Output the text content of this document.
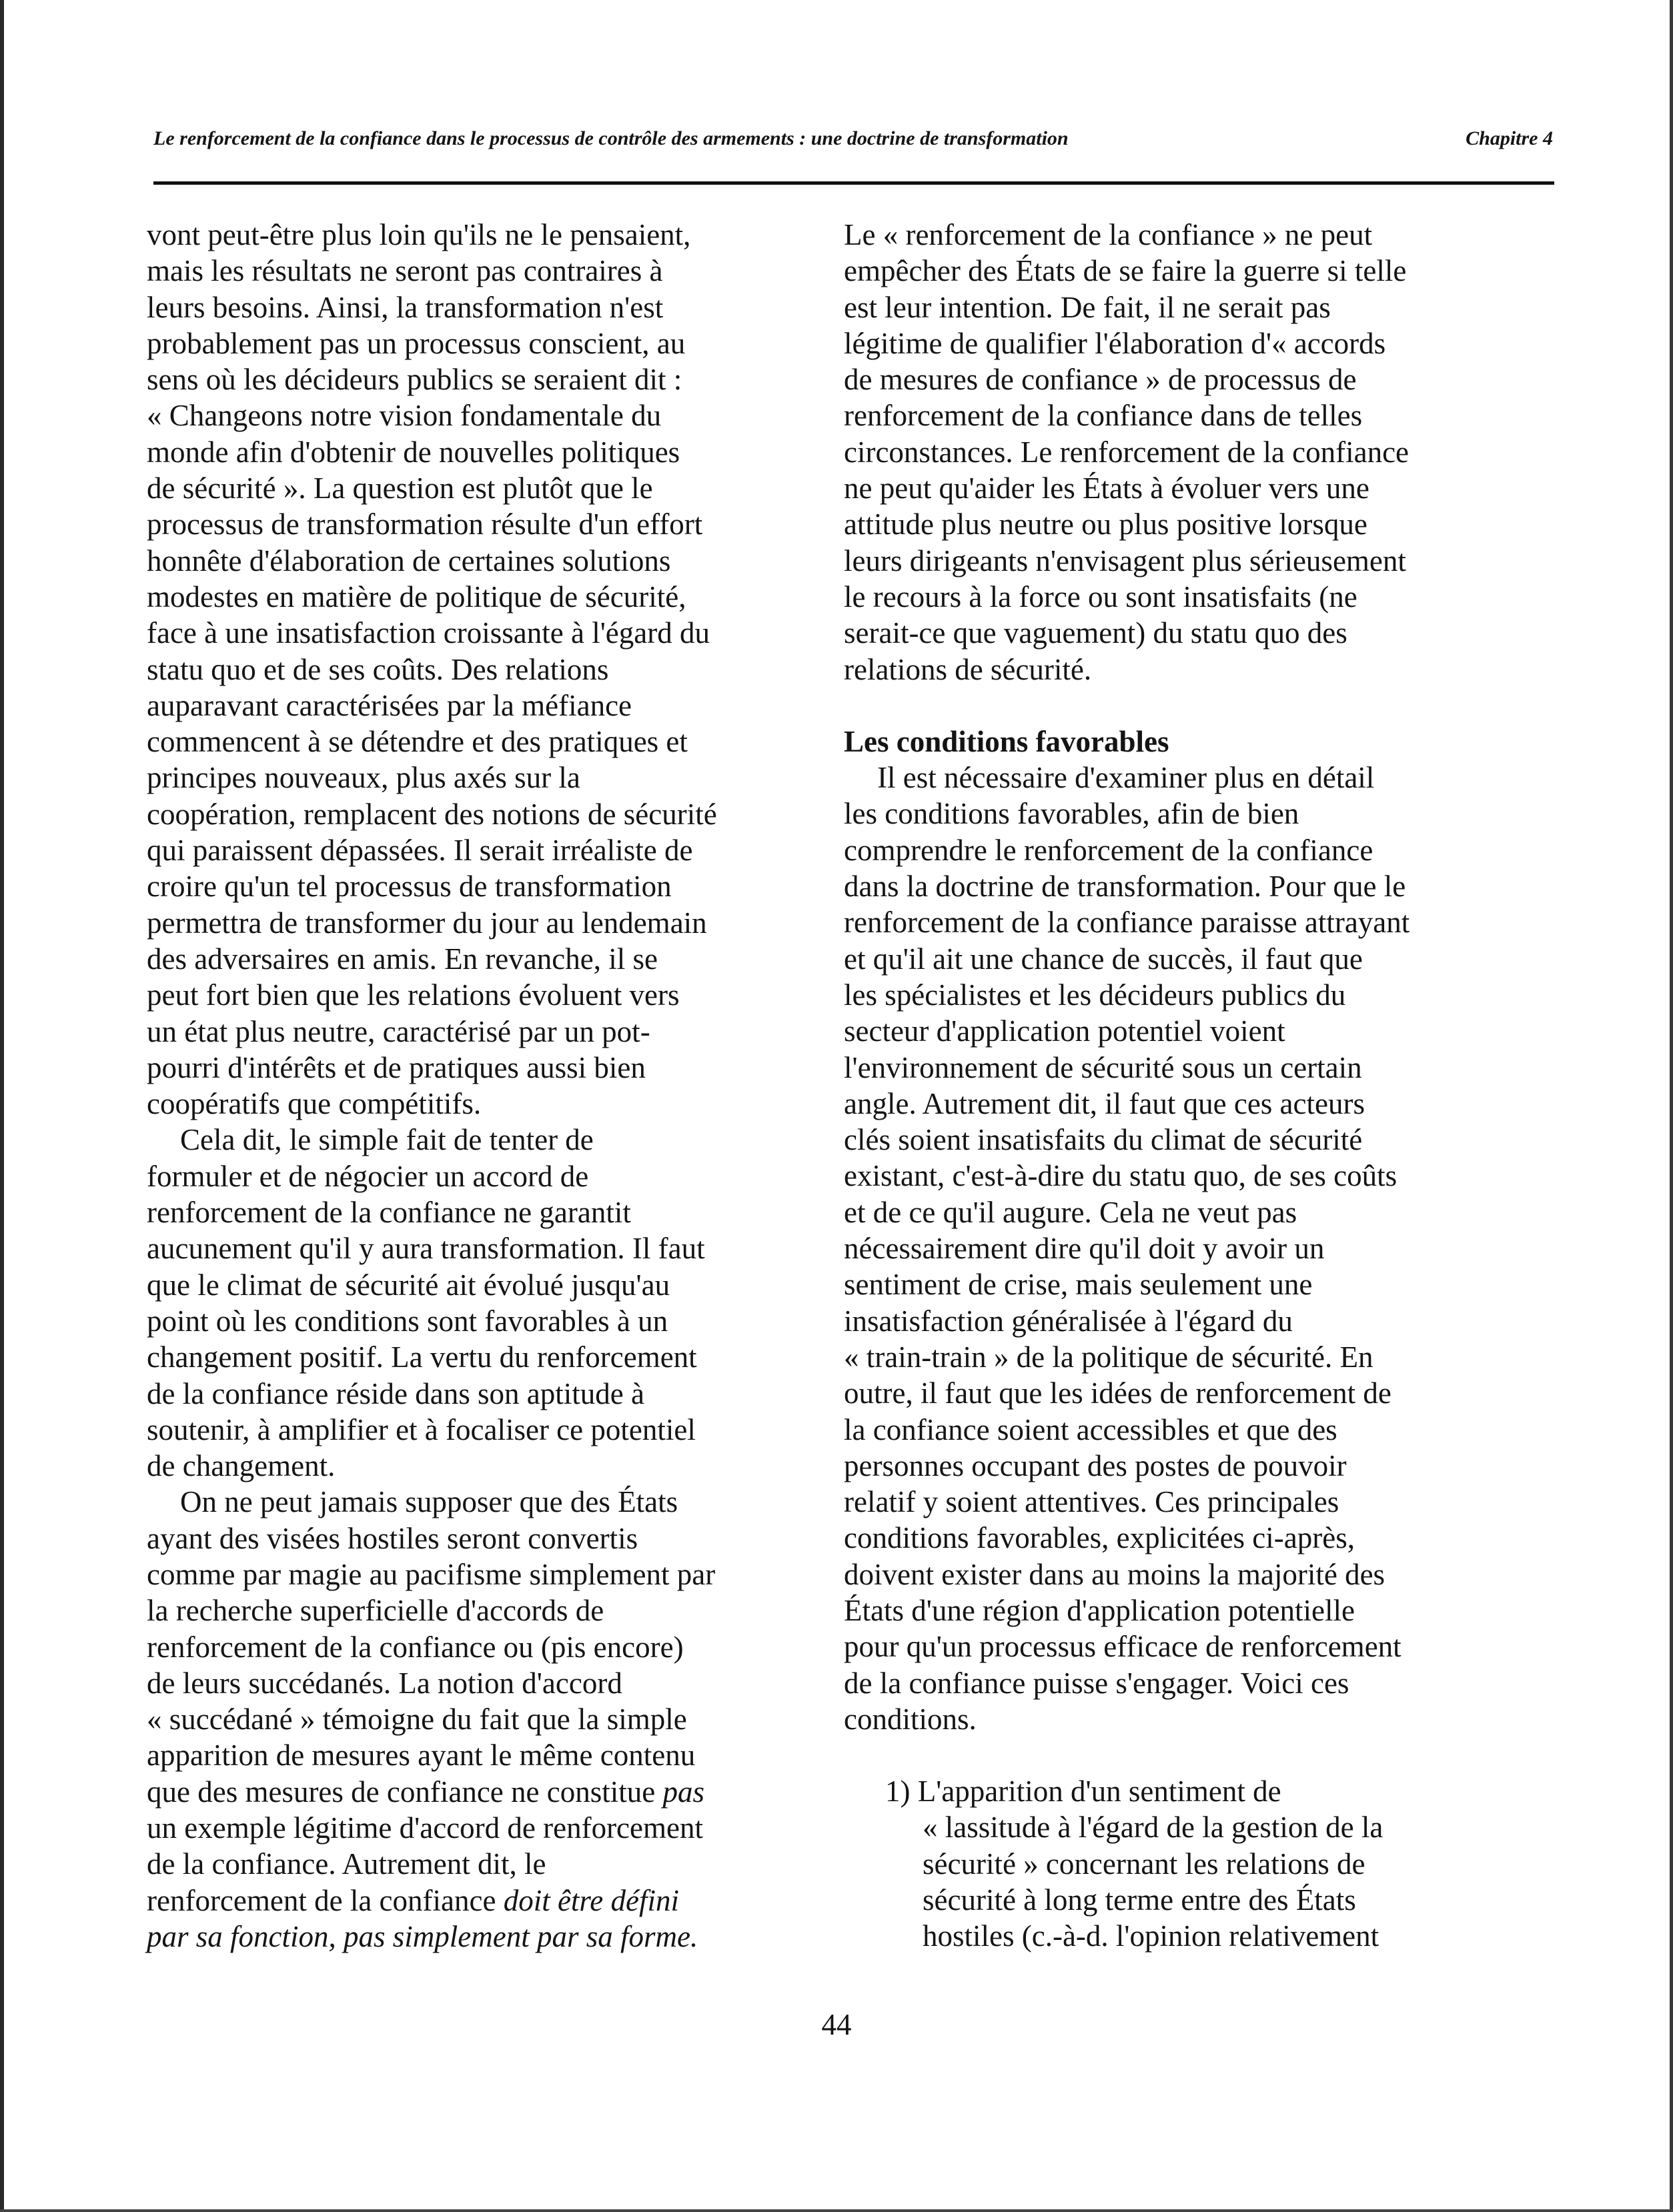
Le renforcement de la confiance dans le processus de contrôle des armements : une doctrine de transformation	Chapitre 4
vont peut-être plus loin qu'ils ne le pensaient,
mais les résultats ne seront pas contraires à
leurs besoins. Ainsi, la transformation n'est
probablement pas un processus conscient, au
sens où les décideurs publics se seraient dit :
« Changeons notre vision fondamentale du
monde afin d'obtenir de nouvelles politiques
de sécurité ». La question est plutôt que le
processus de transformation résulte d'un effort
honnête d'élaboration de certaines solutions
modestes en matière de politique de sécurité,
face à une insatisfaction croissante à l'égard du
statu quo et de ses coûts. Des relations
auparavant caractérisées par la méfiance
commencent à se détendre et des pratiques et
principes nouveaux, plus axés sur la
coopération, remplacent des notions de sécurité
qui paraissent dépassées. Il serait irréaliste de
croire qu'un tel processus de transformation
permettra de transformer du jour au lendemain
des adversaires en amis. En revanche, il se
peut fort bien que les relations évoluent vers
un état plus neutre, caractérisé par un pot-
pourri d'intérêts et de pratiques aussi bien
coopératifs que compétitifs.
Cela dit, le simple fait de tenter de
formuler et de négocier un accord de
renforcement de la confiance ne garantit
aucunement qu'il y aura transformation. Il faut
que le climat de sécurité ait évolué jusqu'au
point où les conditions sont favorables à un
changement positif. La vertu du renforcement
de la confiance réside dans son aptitude à
soutenir, à amplifier et à focaliser ce potentiel
de changement.
On ne peut jamais supposer que des États
ayant des visées hostiles seront convertis
comme par magie au pacifisme simplement par
la recherche superficielle d'accords de
renforcement de la confiance ou (pis encore)
de leurs succédanés. La notion d'accord
« succédané » témoigne du fait que la simple
apparition de mesures ayant le même contenu
que des mesures de confiance ne constitue pas
un exemple légitime d'accord de renforcement
de la confiance. Autrement dit, le
renforcement de la confiance doit être défini
par sa fonction, pas simplement par sa forme.
Le « renforcement de la confiance » ne peut
empêcher des États de se faire la guerre si telle
est leur intention. De fait, il ne serait pas
légitime de qualifier l'élaboration d'« accords
de mesures de confiance » de processus de
renforcement de la confiance dans de telles
circonstances. Le renforcement de la confiance
ne peut qu'aider les États à évoluer vers une
attitude plus neutre ou plus positive lorsque
leurs dirigeants n'envisagent plus sérieusement
le recours à la force ou sont insatisfaits (ne
serait-ce que vaguement) du statu quo des
relations de sécurité.
Les conditions favorables
Il est nécessaire d'examiner plus en détail
les conditions favorables, afin de bien
comprendre le renforcement de la confiance
dans la doctrine de transformation. Pour que le
renforcement de la confiance paraisse attrayant
et qu'il ait une chance de succès, il faut que
les spécialistes et les décideurs publics du
secteur d'application potentiel voient
l'environnement de sécurité sous un certain
angle. Autrement dit, il faut que ces acteurs
clés soient insatisfaits du climat de sécurité
existant, c'est-à-dire du statu quo, de ses coûts
et de ce qu'il augure. Cela ne veut pas
nécessairement dire qu'il doit y avoir un
sentiment de crise, mais seulement une
insatisfaction généralisée à l'égard du
« train-train » de la politique de sécurité. En
outre, il faut que les idées de renforcement de
la confiance soient accessibles et que des
personnes occupant des postes de pouvoir
relatif y soient attentives. Ces principales
conditions favorables, explicitées ci-après,
doivent exister dans au moins la majorité des
États d'une région d'application potentielle
pour qu'un processus efficace de renforcement
de la confiance puisse s'engager. Voici ces
conditions.
1) L'apparition d'un sentiment de
« lassitude à l'égard de la gestion de la
sécurité » concernant les relations de
sécurité à long terme entre des États
hostiles (c.-à-d. l'opinion relativement
44
